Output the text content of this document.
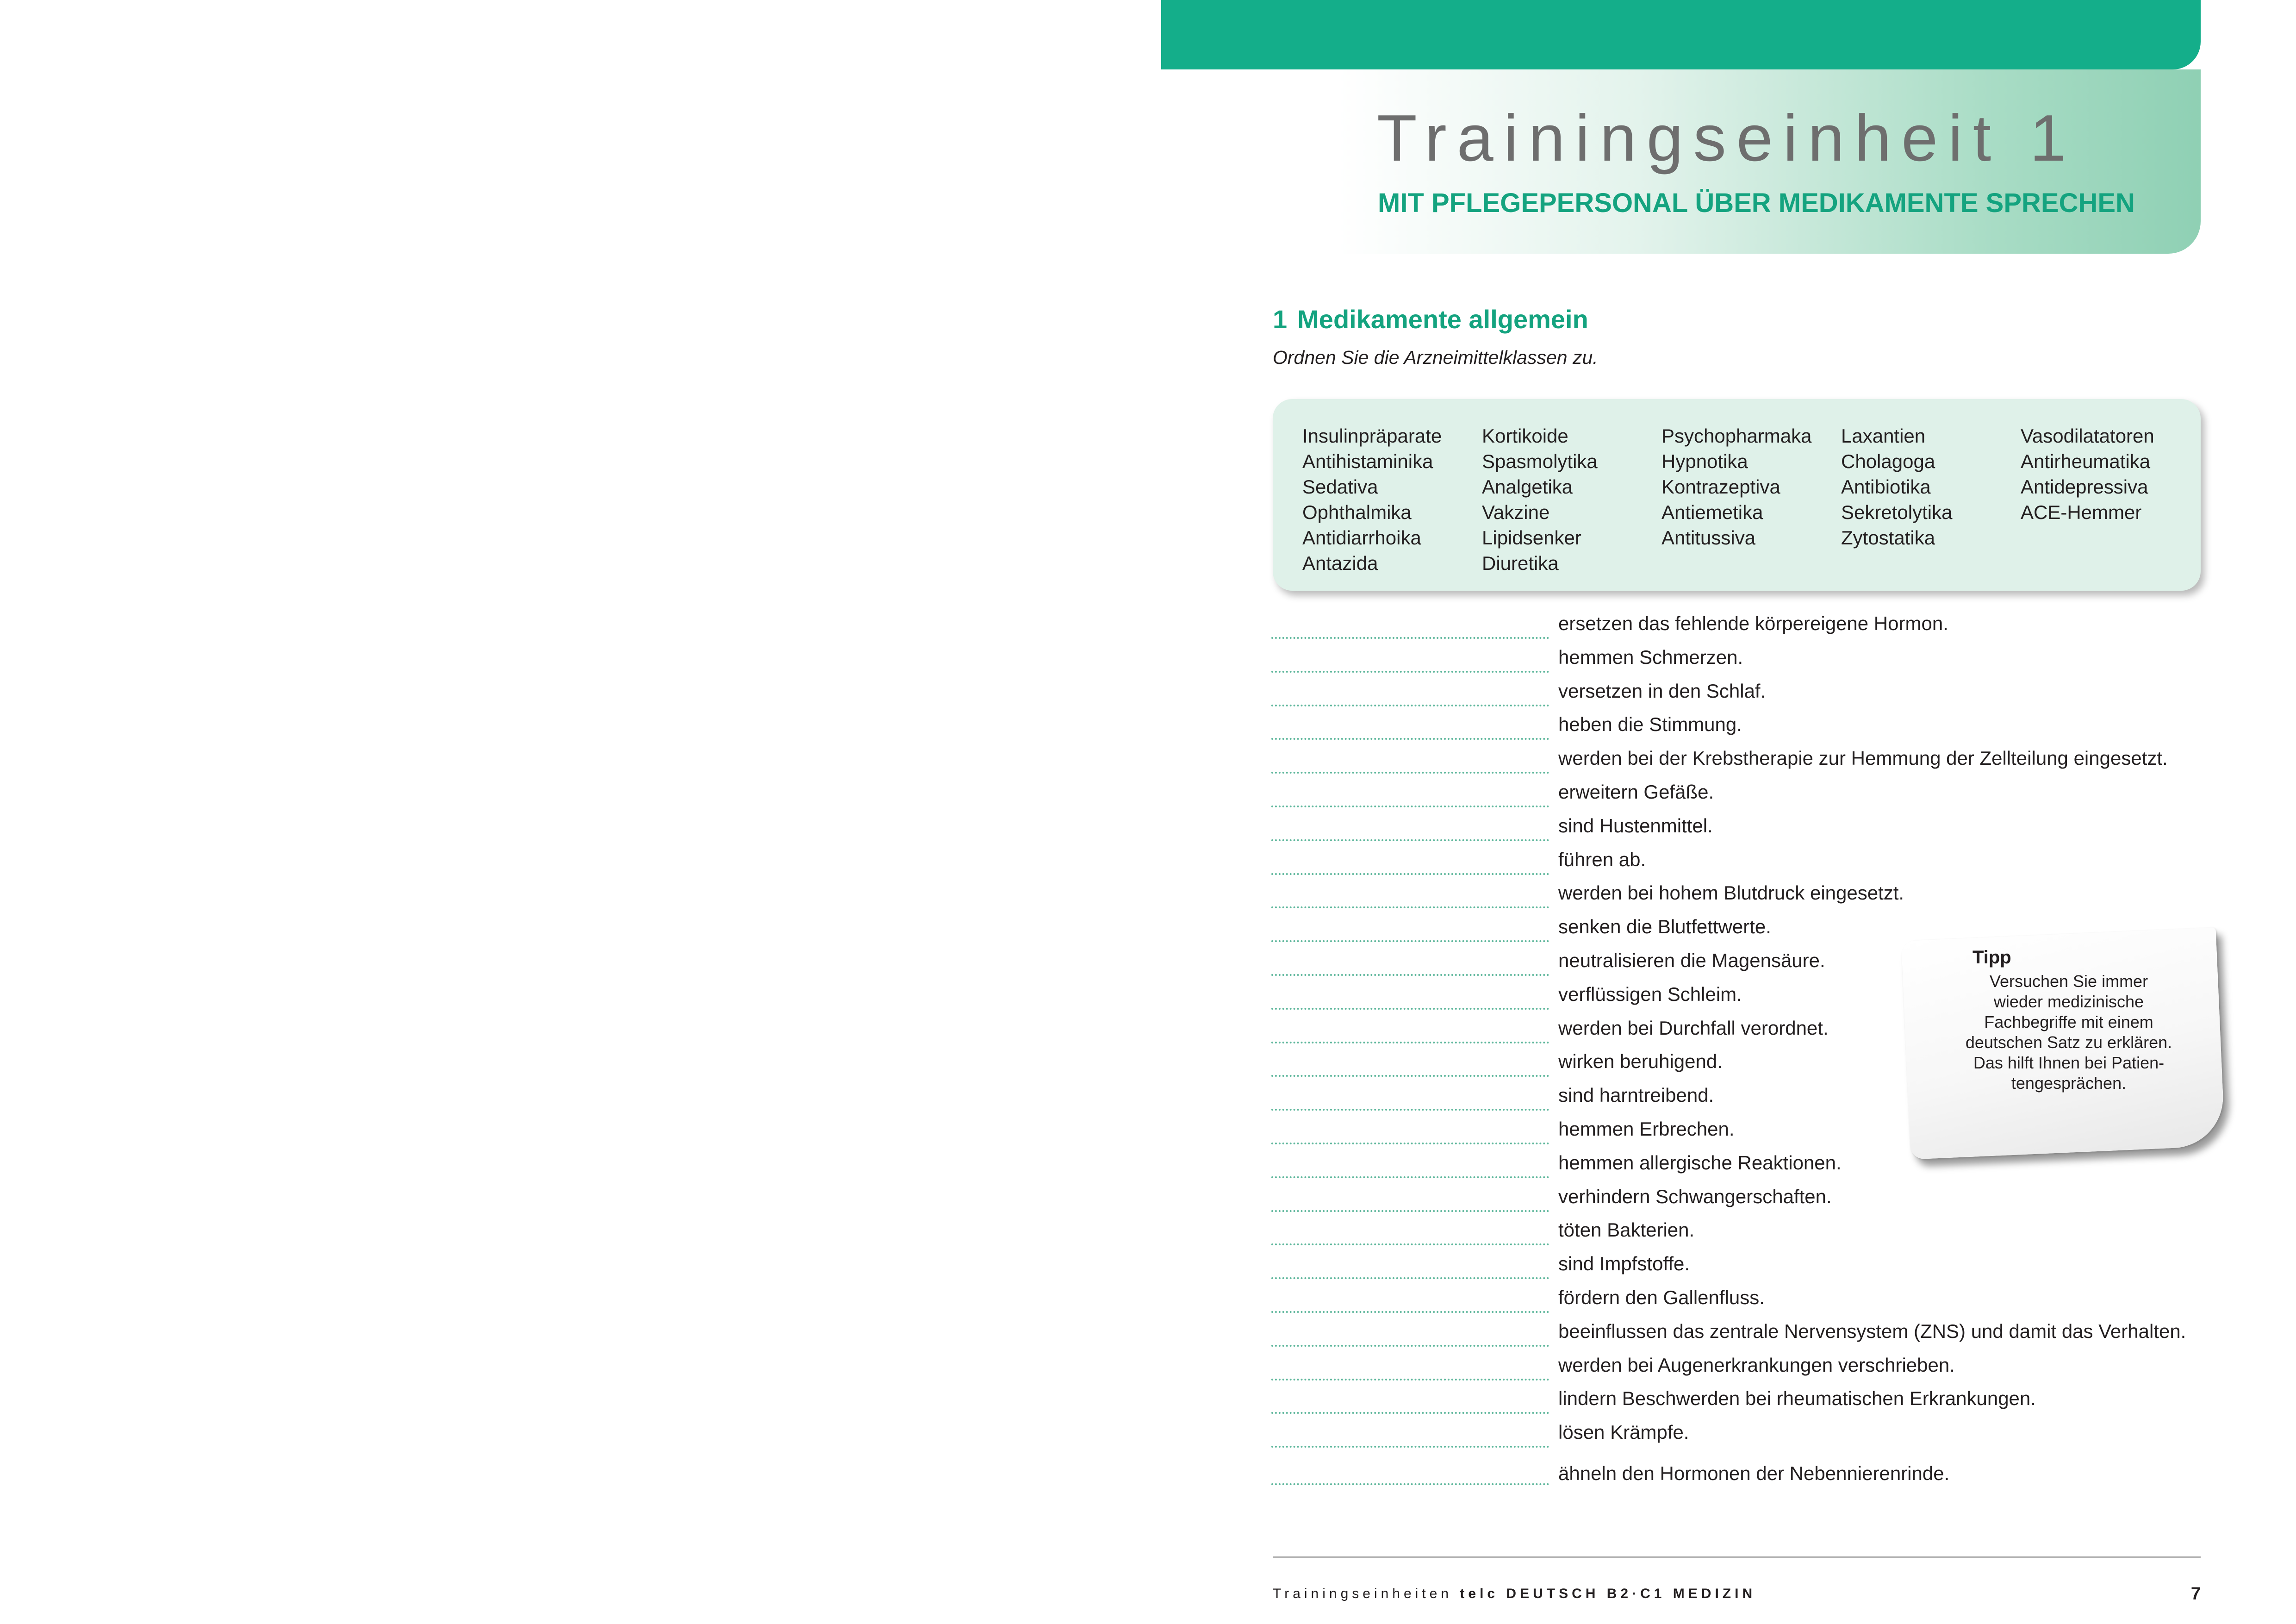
Trainingseinheit 1
MIT PFLEGEPERSONAL ÜBER MEDIKAMENTE SPRECHEN
1 Medikamente allgemein
Ordnen Sie die Arzneimittelklassen zu.
Insulinpräparate
Antihistaminika
Sedativa
Ophthalmika
Antidiarrhoika
Antazida
Kortikoide
Spasmolytika
Analgetika
Vakzine
Lipidsenker
Diuretika
Psychopharmaka
Hypnotika
Kontrazeptiva
Antiemetika
Antitussiva
Laxantien
Cholagoga
Antibiotika
Sekretolytika
Zytostatika
Vasodilatatoren
Antirheumatika
Antidepressiva
ACE-Hemmer
ersetzen das fehlende körpereigene Hormon.
hemmen Schmerzen.
versetzen in den Schlaf.
heben die Stimmung.
werden bei der Krebstherapie zur Hemmung der Zellteilung eingesetzt.
erweitern Gefäße.
sind Hustenmittel.
führen ab.
werden bei hohem Blutdruck eingesetzt.
senken die Blutfettwerte.
neutralisieren die Magensäure.
verflüssigen Schleim.
werden bei Durchfall verordnet.
wirken beruhigend.
sind harntreibend.
hemmen Erbrechen.
hemmen allergische Reaktionen.
verhindern Schwangerschaften.
töten Bakterien.
sind Impfstoffe.
fördern den Gallenfluss.
beeinflussen das zentrale Nervensystem (ZNS) und damit das Verhalten.
werden bei Augenerkrankungen verschrieben.
lindern Beschwerden bei rheumatischen Erkrankungen.
lösen Krämpfe.
ähneln den Hormonen der Nebennierenrinde.
Tipp
Versuchen Sie immer
wieder medizinische
Fachbegriffe mit einem
deutschen Satz zu erklären.
Das hilft Ihnen bei Patien-
tengesprächen.
Trainingseinheiten telc DEUTSCH B2·C1 MEDIZIN	7
